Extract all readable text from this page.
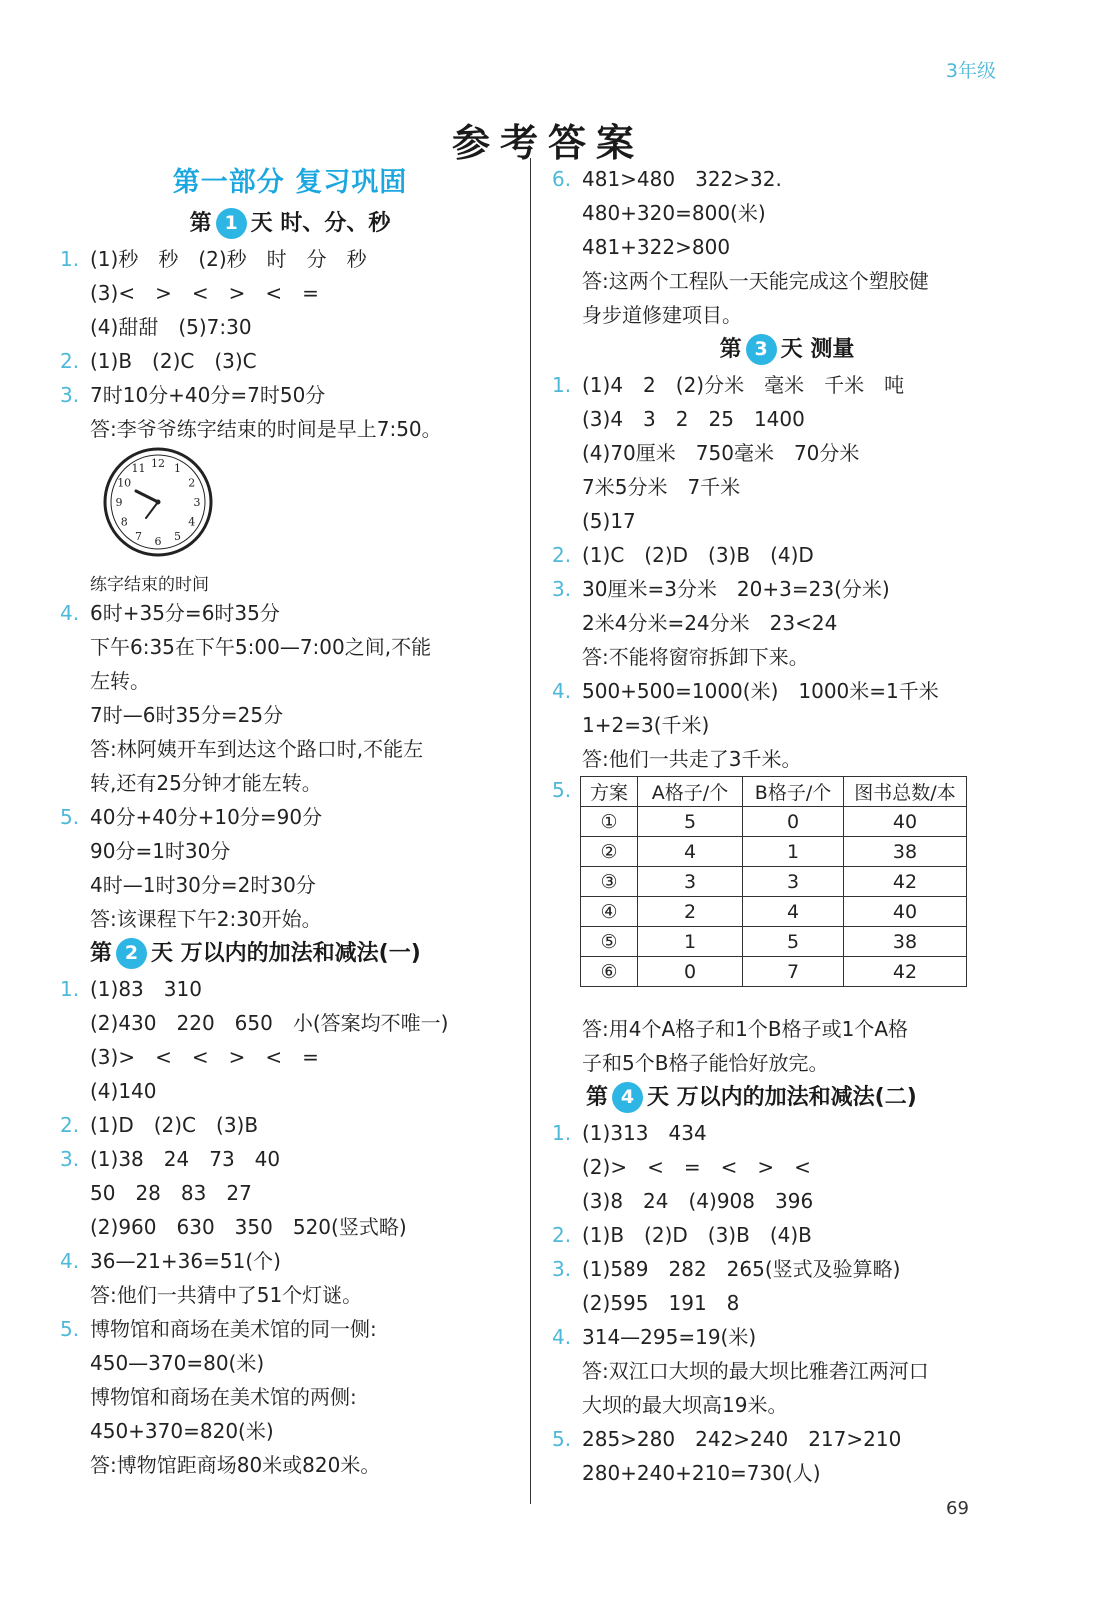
3年级
参考答案
第一部分 复习巩固
第 1 天 时、分、秒
1. (1)秒　秒　(2)秒　时　分　秒
(3)<　>　<　>　<　=
(4)甜甜　(5)7:30
2. (1)B　(2)C　(3)C
3. 7时10分+40分=7时50分
答:李爷爷练字结束的时间是早上7:50。
12 1
2
3
4
5
6
7
8
9
10
11
练字结束的时间
4. 6时+35分=6时35分
下午6:35在下午5:00—7:00之间,不能
左转。
7时—6时35分=25分
答:林阿姨开车到达这个路口时,不能左
转,还有25分钟才能左转。
5. 40分+40分+10分=90分
90分=1时30分
4时—1时30分=2时30分
答:该课程下午2:30开始。
第 2 天 万以内的加法和减法(一)
1. (1)83　310
(2)430　220　650　小(答案均不唯一)
(3)>　<　<　>　<　=
(4)140
2. (1)D　(2)C　(3)B
3. (1)38　24　73　40
50　28　83　27
(2)960　630　350　520(竖式略)
4. 36—21+36=51(个)
答:他们一共猜中了51个灯谜。
5. 博物馆和商场在美术馆的同一侧:
450—370=80(米)
博物馆和商场在美术馆的两侧:
450+370=820(米)
答:博物馆距商场80米或820米。
6. 481>480　322>32.
480+320=800(米)
481+322>800
答:这两个工程队一天能完成这个塑胶健
身步道修建项目。
第 3 天 测量
1. (1)4　2　(2)分米　毫米　千米　吨
(3)4　3　2　25　1400
(4)70厘米　750毫米　70分米
7米5分米　7千米
(5)17
2. (1)C　(2)D　(3)B　(4)D
3. 30厘米=3分米　20+3=23(分米)
2米4分米=24分米　23<24
答:不能将窗帘拆卸下来。
4. 500+500=1000(米)　1000米=1千米
1+2=3(千米)
答:他们一共走了3千米。
5. 方案	A格子/个	B格子/个	图书总数/本
①	5	0	40
②	4	1	38
③	3	3	42
④	2	4	40
⑤	1	5	38
⑥	0	7	42
答:用4个A格子和1个B格子或1个A格
子和5个B格子能恰好放完。
第 4 天 万以内的加法和减法(二)
1. (1)313　434
(2)>　<　=　<　>　<
(3)8　24　(4)908　396
2. (1)B　(2)D　(3)B　(4)B
3. (1)589　282　265(竖式及验算略)
(2)595　191　8
4. 314—295=19(米)
答:双江口大坝的最大坝比雅砻江两河口
大坝的最大坝高19米。
5. 285>280　242>240　217>210
280+240+210=730(人)
69
